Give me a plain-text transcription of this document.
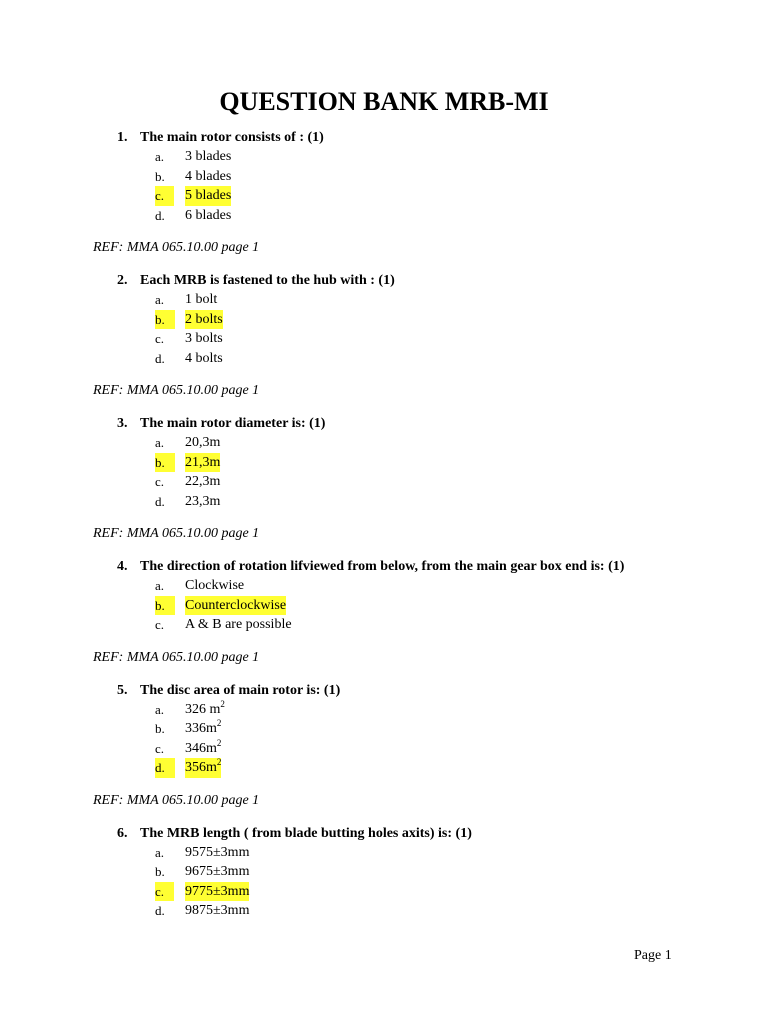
QUESTION BANK MRB-MI
1. The main rotor consists of : (1)
a. 3 blades
b. 4 blades
c.	5 blades
d. 6 blades
REF: MMA 065.10.00 page 1
2. Each MRB is fastened to the hub with : (1)
a. 1 bolt
b.	2 bolts
c. 3 bolts
d. 4 bolts
REF: MMA 065.10.00 page 1
3. The main rotor diameter is: (1)
a. 20,3m
b.	21,3m
c. 22,3m
d. 23,3m
REF: MMA 065.10.00 page 1
4. The direction of rotation lifviewed from below, from the main gear box end is: (1)
a. Clockwise
b.	Counterclockwise
c. A & B are possible
REF: MMA 065.10.00 page 1
5. The disc area of main rotor is: (1)
a. 326 $m^2$
b. $336m^2$
c. $346m^2$
d.	$356m^2$
REF: MMA 065.10.00 page 1
6. The MRB length ( from blade butting holes axits) is: (1)
a. 9575±3mm
b. 9675±3mm
c.	9775±3mm
d. 9875±3mm
Page 1
